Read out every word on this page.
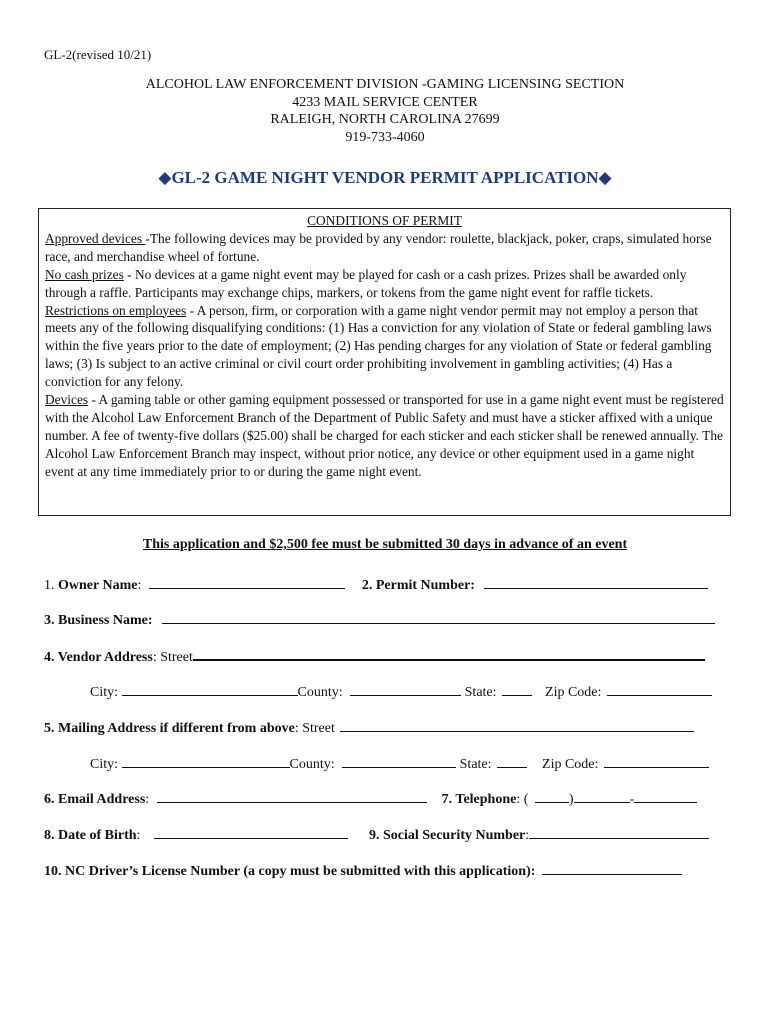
GL-2(revised 10/21)
ALCOHOL LAW ENFORCEMENT DIVISION -GAMING LICENSING SECTION
4233 MAIL SERVICE CENTER
RALEIGH, NORTH CAROLINA 27699
919-733-4060
◆GL-2 GAME NIGHT VENDOR PERMIT APPLICATION◆
CONDITIONS OF PERMIT

Approved devices -The following devices may be provided by any vendor: roulette, blackjack, poker, craps, simulated horse race, and merchandise wheel of fortune.

No cash prizes - No devices at a game night event may be played for cash or a cash prizes. Prizes shall be awarded only through a raffle. Participants may exchange chips, markers, or tokens from the game night event for raffle tickets.

Restrictions on employees - A person, firm, or corporation with a game night vendor permit may not employ a person that meets any of the following disqualifying conditions: (1) Has a conviction for any violation of State or federal gambling laws within the five years prior to the date of employment; (2) Has pending charges for any violation of State or federal gambling laws; (3) Is subject to an active criminal or civil court order prohibiting involvement in gambling activities; (4) Has a conviction for any felony.

Devices - A gaming table or other gaming equipment possessed or transported for use in a game night event must be registered with the Alcohol Law Enforcement Branch of the Department of Public Safety and must have a sticker affixed with a unique number. A fee of twenty-five dollars ($25.00) shall be charged for each sticker and each sticker shall be renewed annually. The Alcohol Law Enforcement Branch may inspect, without prior notice, any device or other equipment used in a game night event at any time immediately prior to or during the game night event.

This application and $2,500 fee must be submitted 30 days in advance of an event
1. Owner Name:	2. Permit Number:
3. Business Name:
4. Vendor Address: Street
City:	County:	State:	Zip Code:
5. Mailing Address if different from above: Street
City:	County:	State:	Zip Code:
6. Email Address:	7. Telephone: (	)	-
8. Date of Birth:	9. Social Security Number:
10. NC Driver’s License Number (a copy must be submitted with this application):
